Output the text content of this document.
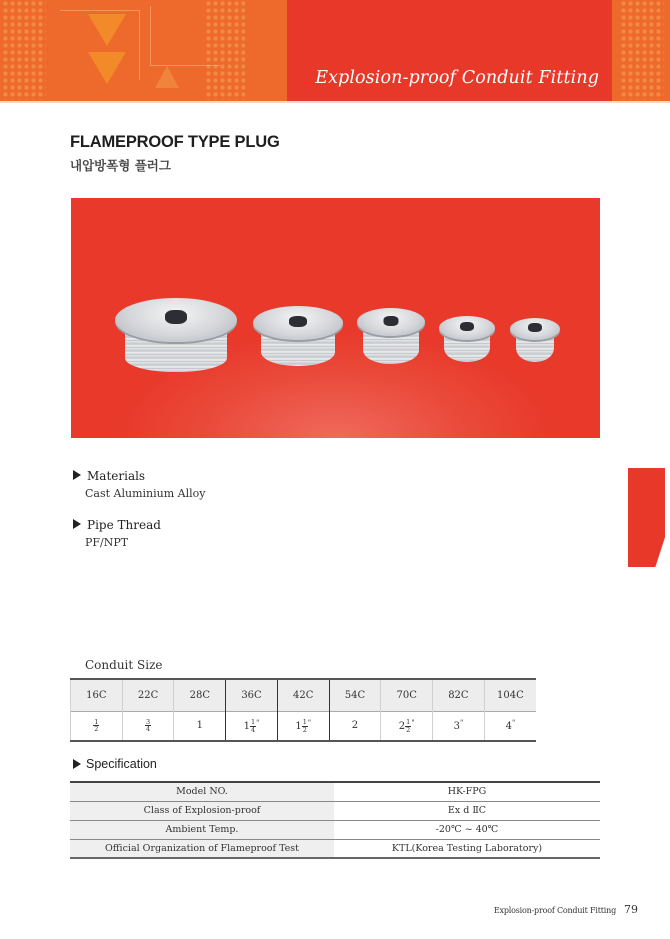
Explosion-proof Conduit Fitting
FLAMEPROOF TYPE PLUG
내압방폭형 플러그
Materials
Cast Aluminium Alloy
Pipe Thread
PF/NPT
Conduit Size
16C	22C	28C	36C	42C	54C	70C	82C	104C

$\frac{1}{2}$	$\frac{3}{4}$	1	$1 \frac{1}{4} ^"$	$1 \frac{1}{2} ^"$	2	$2 \frac{1}{2} ^"$	3"	4"
Specification
Model NO.	HK-FPG
Class of Explosion-proof	Ex d ⅡC
Ambient Temp.	-20℃ ~ 40℃
Official Organization of Flameproof Test	KTL(Korea Testing Laboratory)
Explosion-proof Conduit Fitting 79
